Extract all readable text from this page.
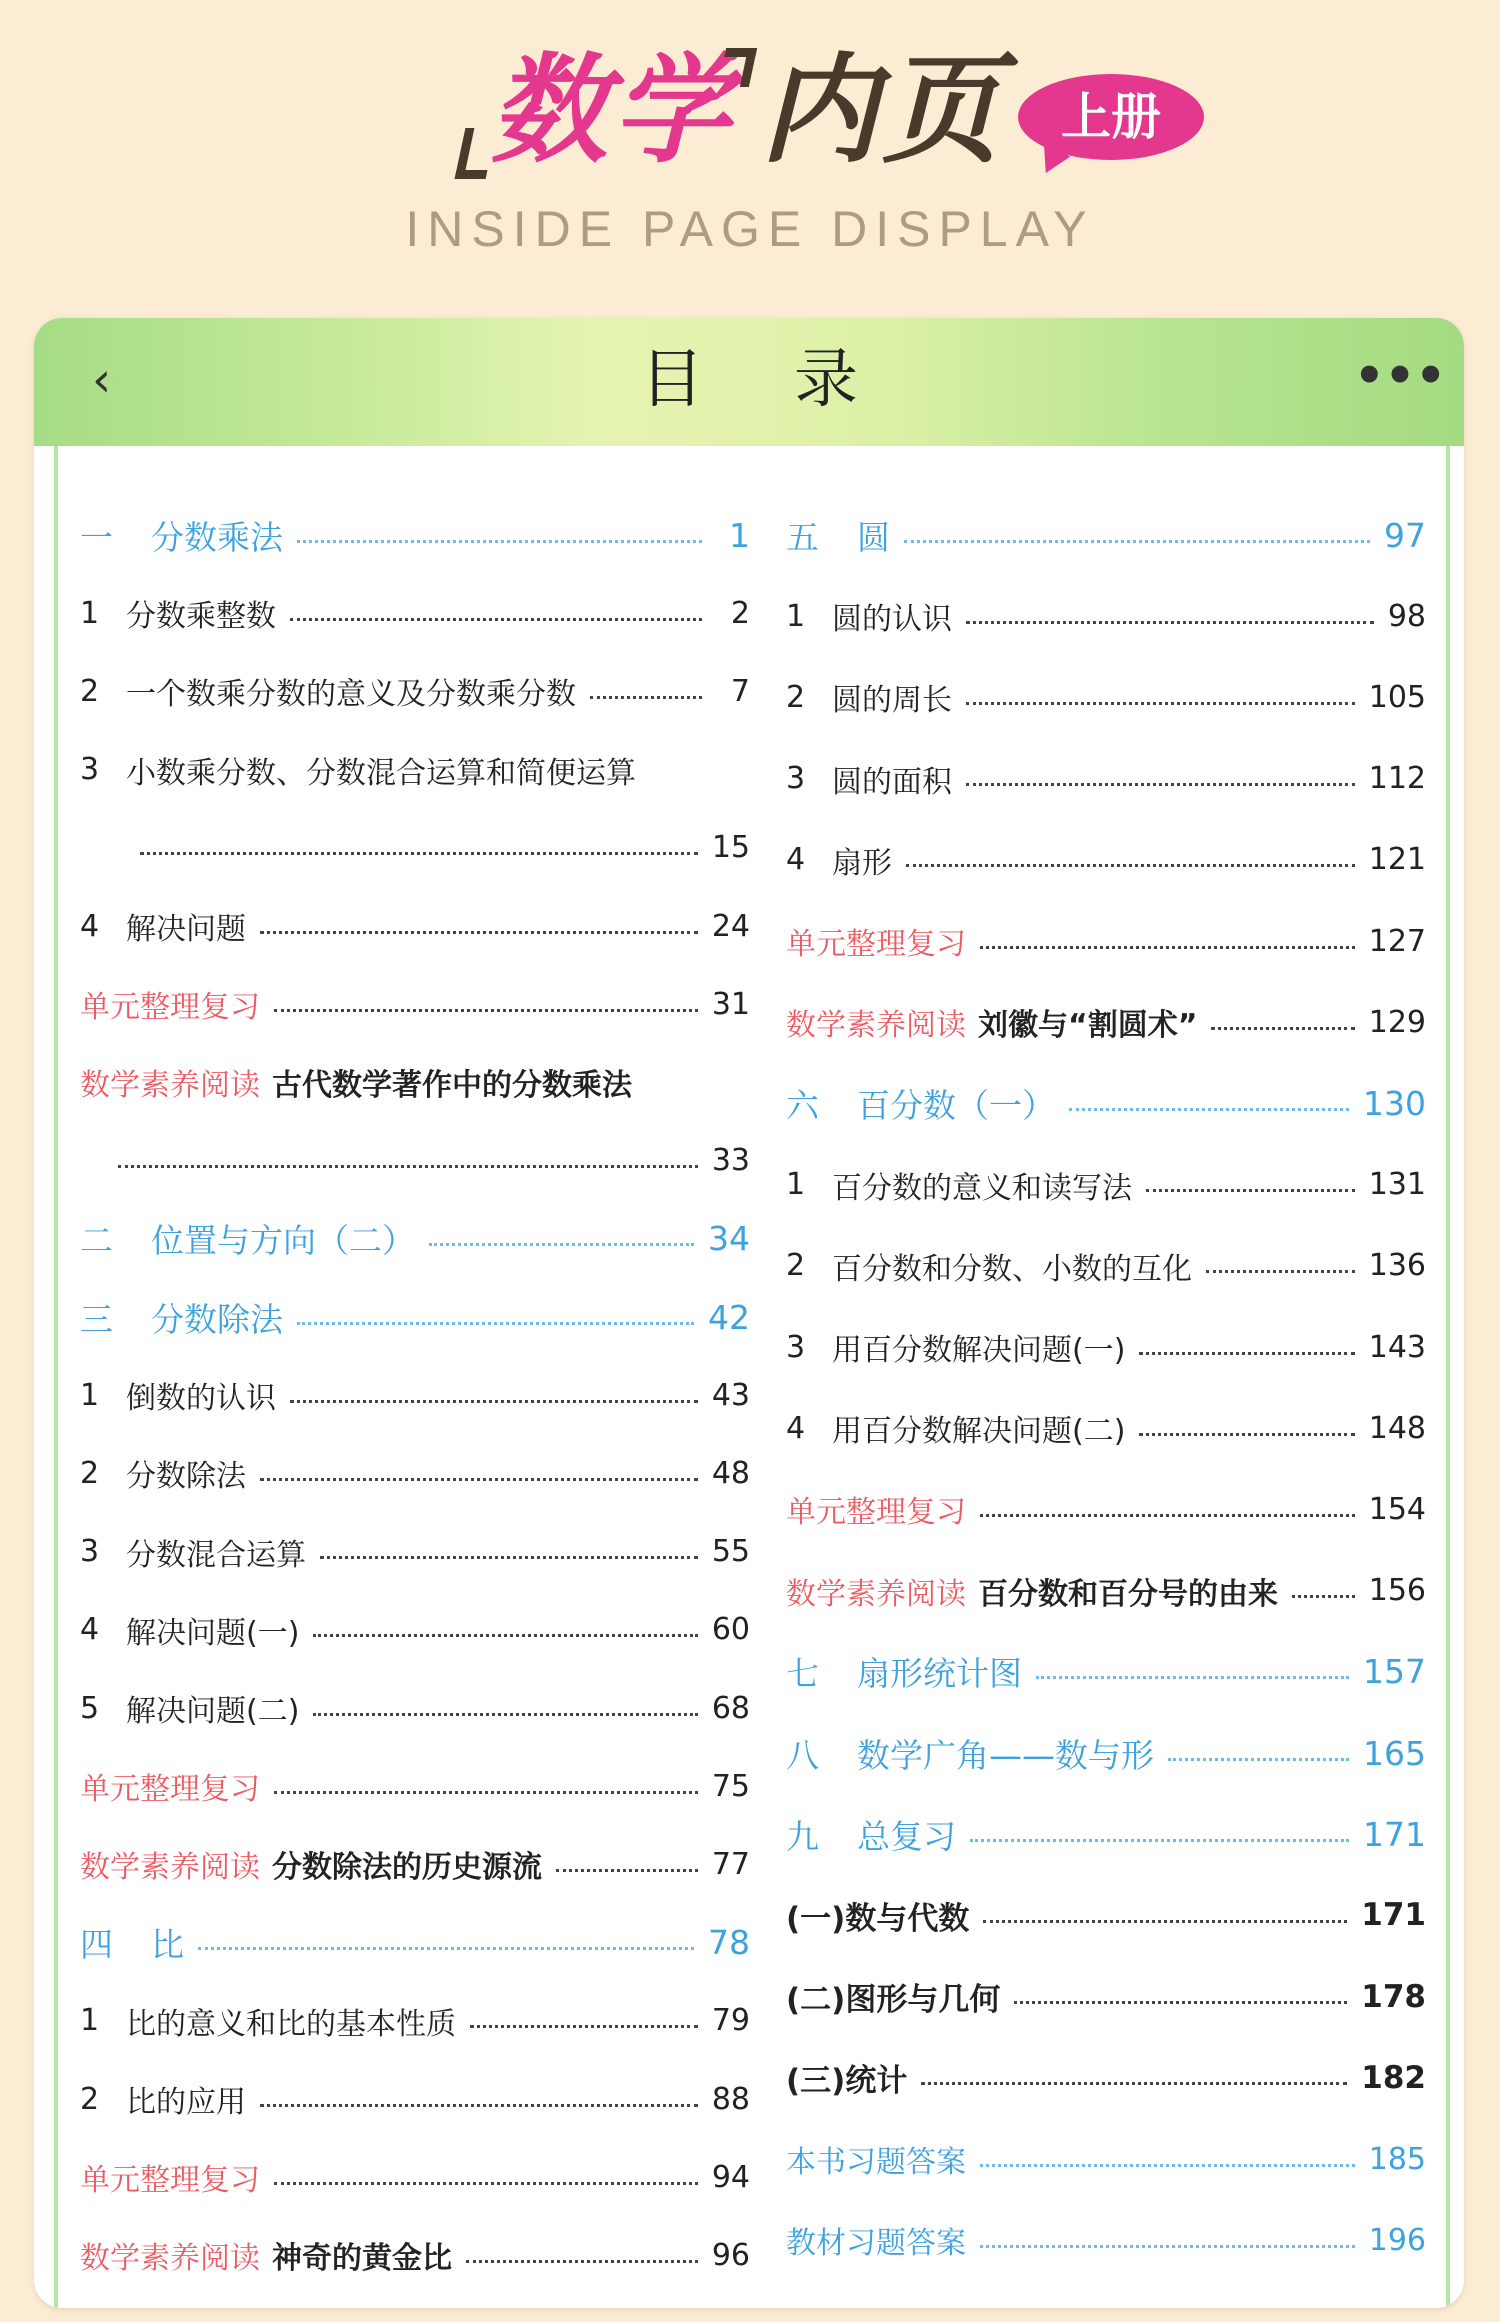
数学 内页	上册
INSIDE PAGE DISPLAY
‹	目录	•••
一 分数乘法	1
1 分数乘整数	2
2 一个数乘分数的意义及分数乘分数	7
3 小数乘分数、分数混合运算和简便运算
15
4 解决问题	24
单元整理复习	31
数学素养阅读 古代数学著作中的分数乘法
33
二 位置与方向（二）	34
三 分数除法	42
1 倒数的认识	43
2 分数除法	48
3 分数混合运算	55
4 解决问题(一)	60
5 解决问题(二)	68
单元整理复习	75
数学素养阅读 分数除法的历史源流	77
四 比	78
1 比的意义和比的基本性质	79
2 比的应用	88
单元整理复习	94
数学素养阅读 神奇的黄金比	96
五 圆	97
1 圆的认识	98
2 圆的周长	105
3 圆的面积	112
4 扇形	121
单元整理复习	127
数学素养阅读 刘徽与“割圆术”	129
六 百分数（一）	130
1 百分数的意义和读写法	131
2 百分数和分数、小数的互化	136
3 用百分数解决问题(一)	143
4 用百分数解决问题(二)	148
单元整理复习	154
数学素养阅读 百分数和百分号的由来	156
七 扇形统计图	157
八 数学广角——数与形	165
九 总复习	171
(一)数与代数	171
(二)图形与几何	178
(三)统计	182
本书习题答案	185
教材习题答案	196
